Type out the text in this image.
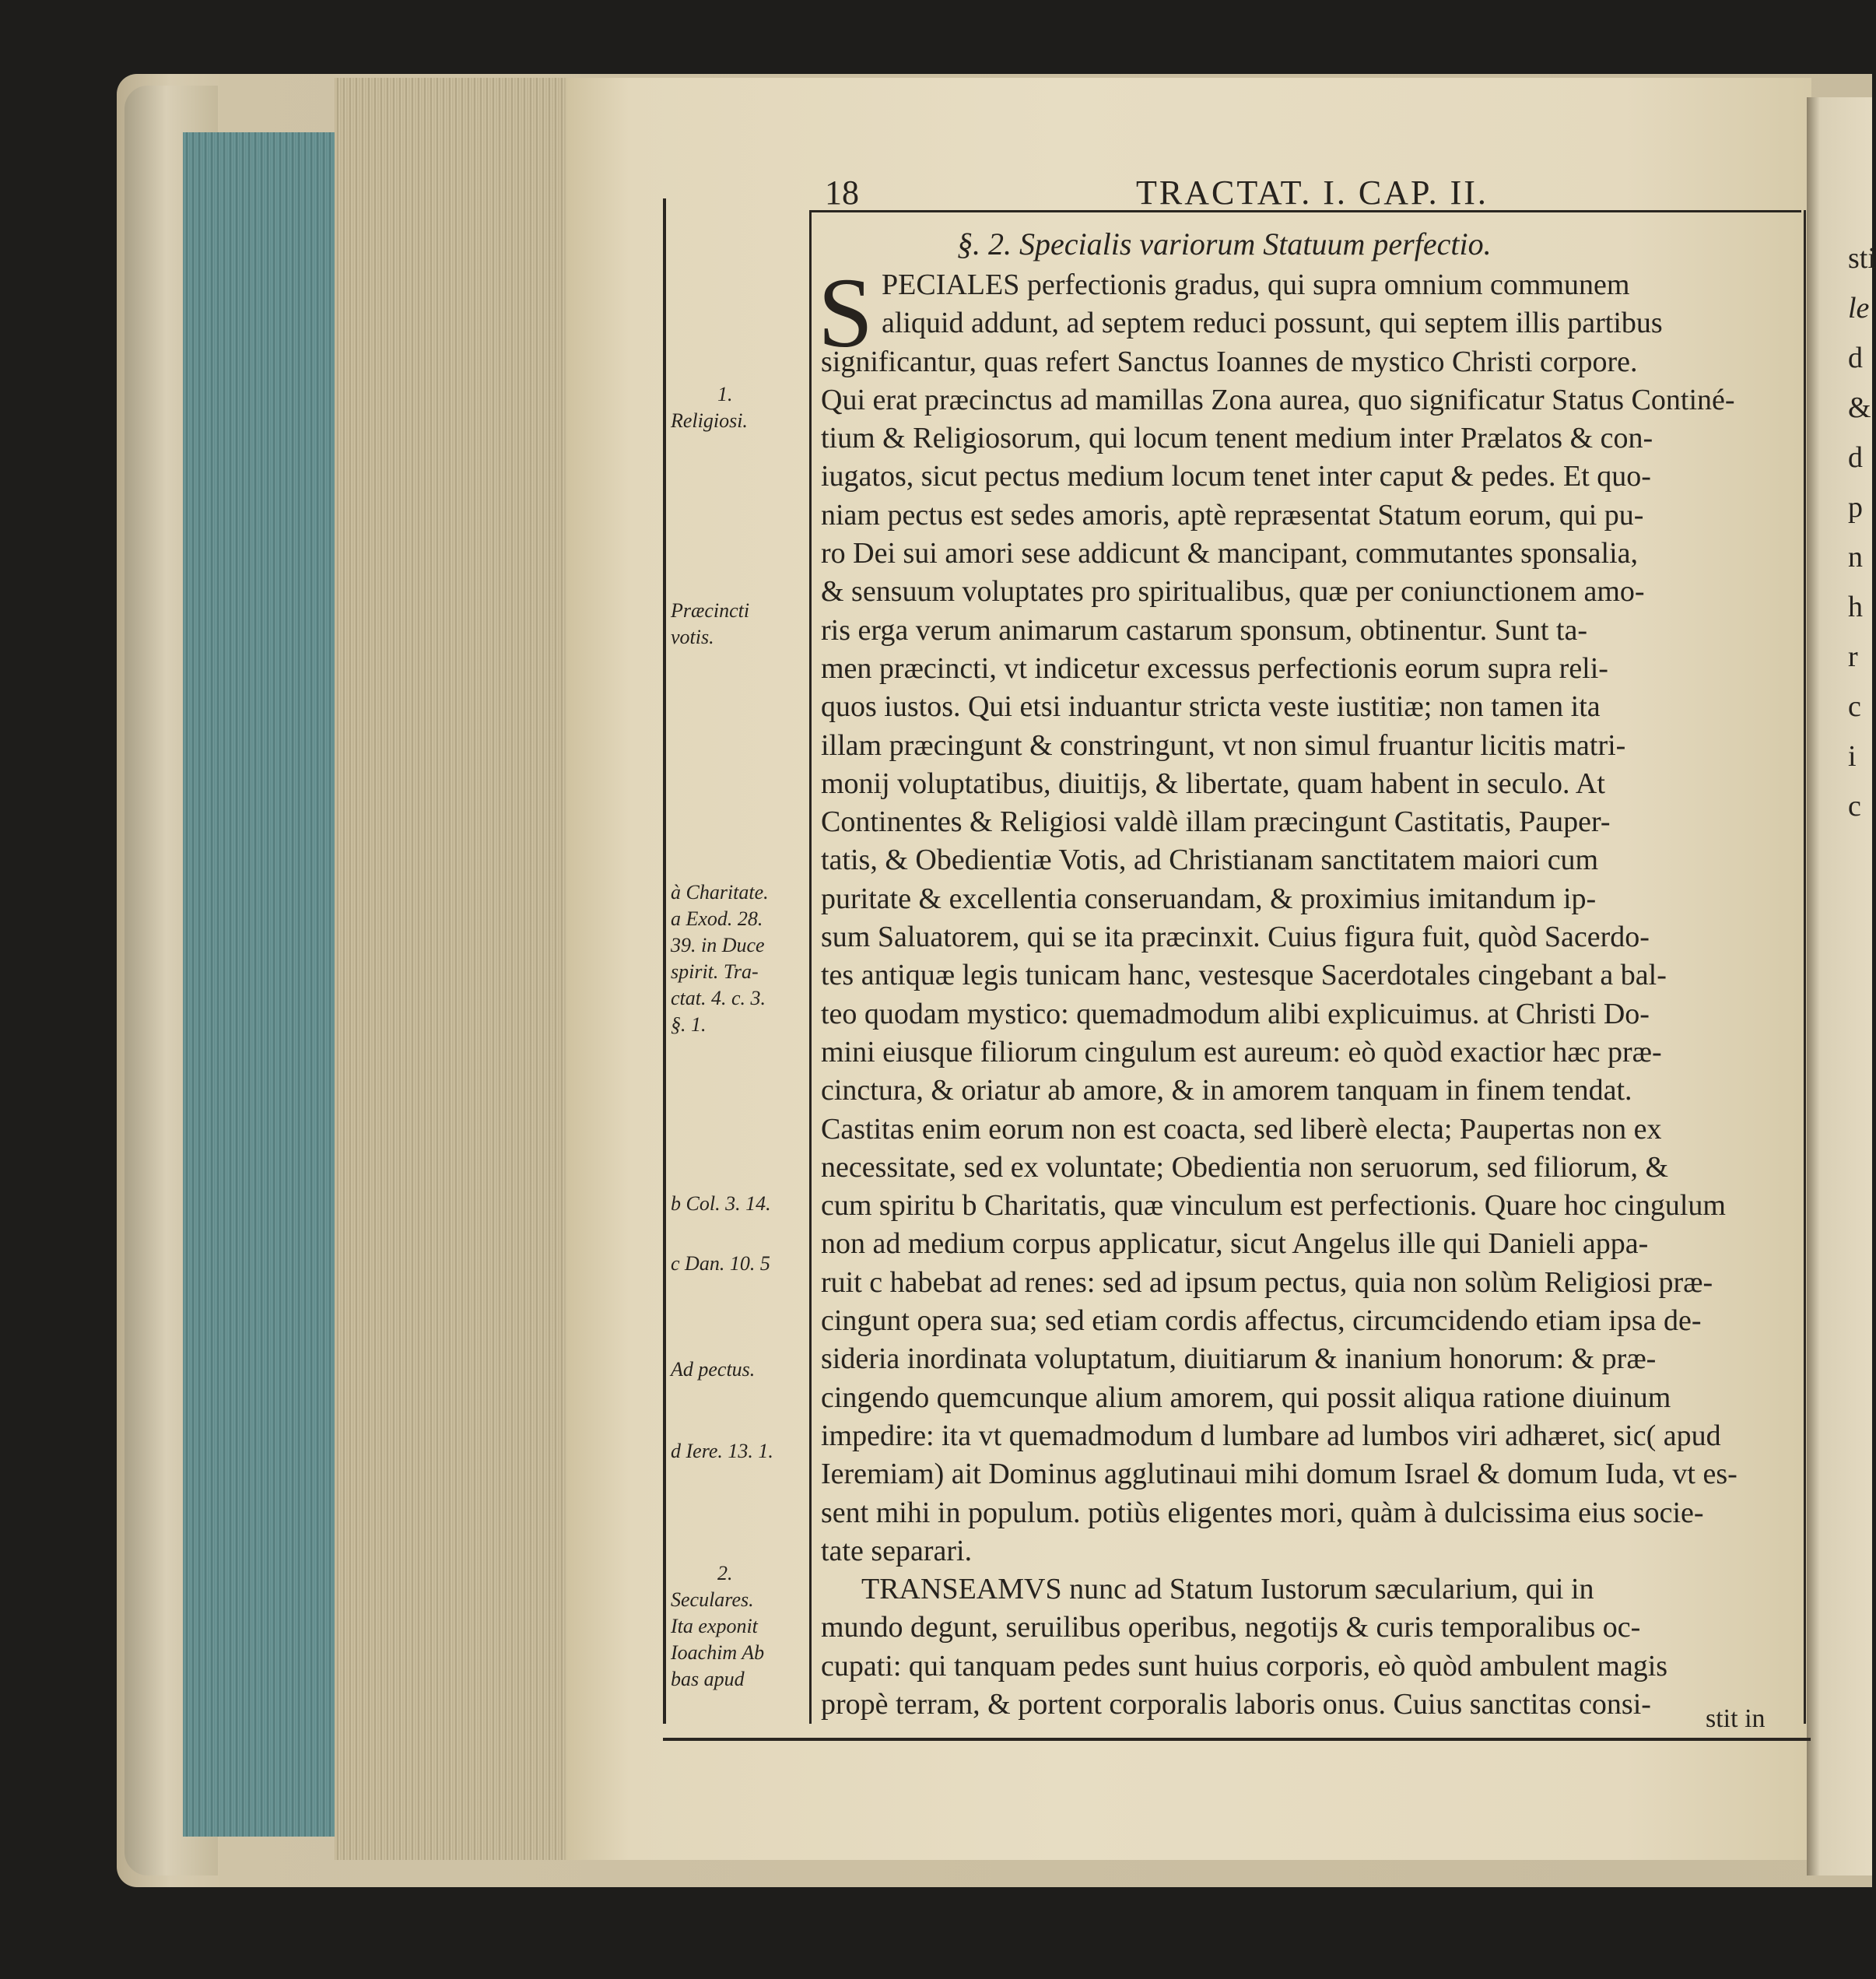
sti
le
d
&
d
p
n
h
r
c
i
c
18	TRACTAT. I. CAP. II.
§. 2. Specialis variorum Statuum perfectio.
S PECIALES perfectionis gradus, qui supra omnium communem
aliquid addunt, ad septem reduci possunt, qui septem illis partibus
significantur, quas refert Sanctus Ioannes de mystico Christi corpore.
Qui erat præcinctus ad mamillas Zona aurea, quo significatur Status Continé-
tium & Religiosorum, qui locum tenent medium inter Prælatos & con-
iugatos, sicut pectus medium locum tenet inter caput & pedes. Et quo-
niam pectus est sedes amoris, aptè repræsentat Statum eorum, qui pu-
ro Dei sui amori sese addicunt & mancipant, commutantes sponsalia,
& sensuum voluptates pro spiritualibus, quæ per coniunctionem amo-
ris erga verum animarum castarum sponsum, obtinentur. Sunt ta-
men præcincti, vt indicetur excessus perfectionis eorum supra reli-
quos iustos. Qui etsi induantur stricta veste iustitiæ; non tamen ita
illam præcingunt & constringunt, vt non simul fruantur licitis matri-
monij voluptatibus, diuitijs, & libertate, quam habent in seculo. At
Continentes & Religiosi valdè illam præcingunt Castitatis, Pauper-
tatis, & Obedientiæ Votis, ad Christianam sanctitatem maiori cum
puritate & excellentia conseruandam, & proximius imitandum ip-
sum Saluatorem, qui se ita præcinxit. Cuius figura fuit, quòd Sacerdo-
tes antiquæ legis tunicam hanc, vestesque Sacerdotales cingebant a bal-
teo quodam mystico: quemadmodum alibi explicuimus. at Christi Do-
mini eiusque filiorum cingulum est aureum: eò quòd exactior hæc præ-
cinctura, & oriatur ab amore, & in amorem tanquam in finem tendat.
Castitas enim eorum non est coacta, sed liberè electa; Paupertas non ex
necessitate, sed ex voluntate; Obedientia non seruorum, sed filiorum, &
cum spiritu b Charitatis, quæ vinculum est perfectionis. Quare hoc cingulum
non ad medium corpus applicatur, sicut Angelus ille qui Danieli appa-
ruit c habebat ad renes: sed ad ipsum pectus, quia non solùm Religiosi præ-
cingunt opera sua; sed etiam cordis affectus, circumcidendo etiam ipsa de-
sideria inordinata voluptatum, diuitiarum & inanium honorum: & præ-
cingendo quemcunque alium amorem, qui possit aliqua ratione diuinum
impedire: ita vt quemadmodum d lumbare ad lumbos viri adhæret, sic( apud
Ieremiam) ait Dominus agglutinaui mihi domum Israel & domum Iuda, vt es-
sent mihi in populum. potiùs eligentes mori, quàm à dulcissima eius socie-
tate separari.
TRANSEAMVS nunc ad Statum Iustorum sæcularium, qui in
mundo degunt, seruilibus operibus, negotijs & curis temporalibus oc-
cupati: qui tanquam pedes sunt huius corporis, eò quòd ambulent magis
propè terram, & portent corporalis laboris onus. Cuius sanctitas consi-	stit in
1.
Religiosi.
Præcincti
votis.
à Charitate.
a Exod. 28.
39. in Duce
spirit. Tra-
ctat. 4. c. 3.
§. 1.
b Col. 3. 14.
c Dan. 10. 5
Ad pectus.
d Iere. 13. 1.
2.
Seculares.
Ita exponit
Ioachim Ab
bas apud
